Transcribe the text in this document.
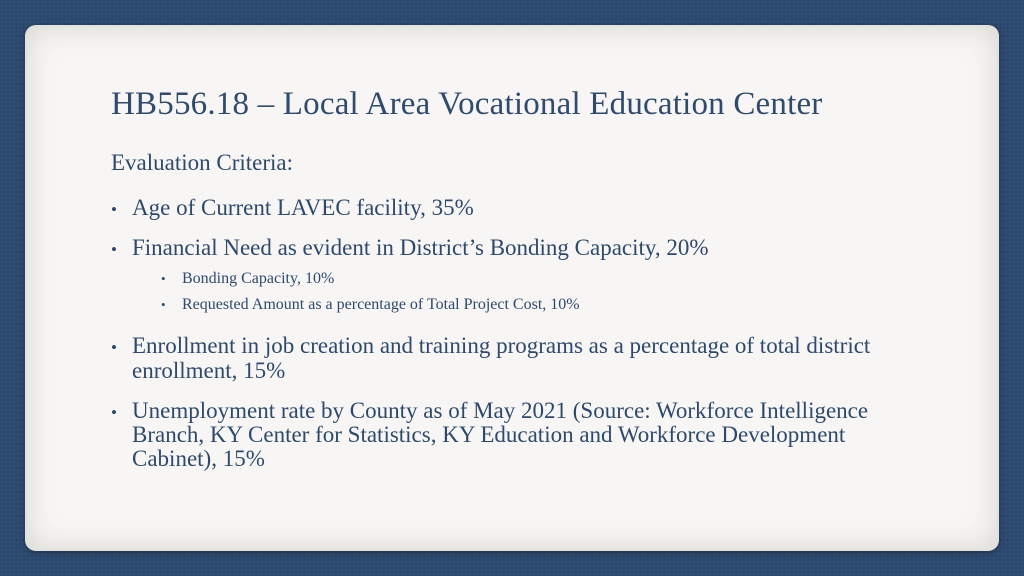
HB556.18 – Local Area Vocational Education Center

Evaluation Criteria:

• Age of Current LAVEC facility, 35%
• Financial Need as evident in District’s Bonding Capacity, 20%
• Bonding Capacity, 10%
• Requested Amount as a percentage of Total Project Cost, 10%
• Enrollment in job creation and training programs as a percentage of total district enrollment, 15%
• Unemployment rate by County as of May 2021 (Source: Workforce Intelligence Branch, KY Center for Statistics, KY Education and Workforce Development Cabinet), 15%
